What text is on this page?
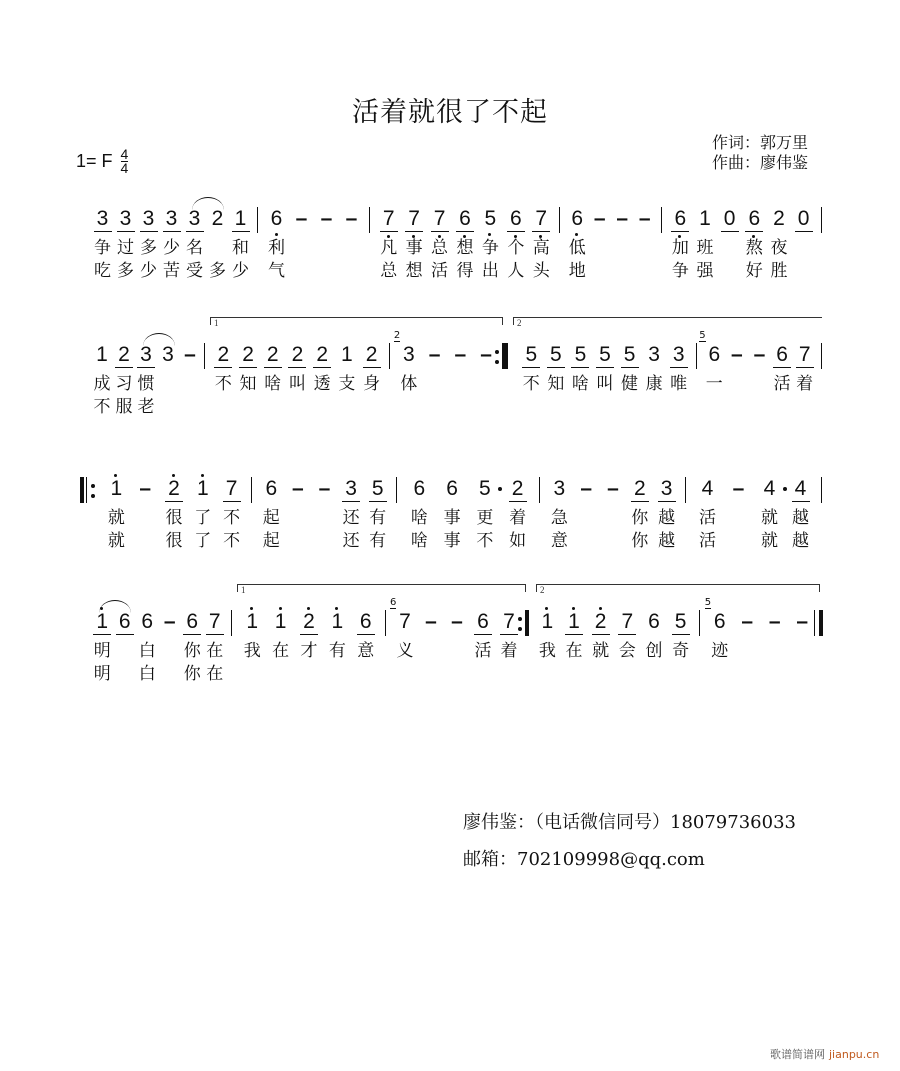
活着就很了不起
1= F $\frac{4}{4}$
作词：郭万里
作曲：廖伟鉴
3
争
吃
3
过
多
3
多
少
3
少
苦
3
名
受
2
多
1
和
少
6
利
气
– – – 7
凡
总
7
事
想
7
总
活
6
想
得
5
争
出
6
个
人
7
高
头
6
低
地
– – – 6
加
争
1
班
强
0 6
熬
好
2
夜
胜
0
1
成
不
2
习
服
3
惯
老
3 – 2
不
2
知
2
啥
2
叫
2
透
1
支
2
身
3
2
体
– – – 5
不
5
知
5
啥
5
叫
5
健
3
康
3
唯
6
5
一
– – 6
活
7
着
1	2
1
就
就
– 2
很
很
1
了
了
7
不
不
6
起
起
– – 3
还
还
5
有
有
6
啥
啥
6
事
事
5
更
不
2
着
如
3
急
意
– – 2
你
你
3
越
越
4
活
活
– 4
就
就
4
越
越
1
明
明
6 6
白
白
– 6
你
你
7
在
在
1
我
1
在
2
才
1
有
6
意
7
6
义
– – 6
活
7
着
1
我
1
在
2
就
7
会
6
创
5
奇
6
5
迹
– – –
1	2
廖伟鉴：（电话微信同号）18079736033
邮箱：702109998@qq.com
歌谱简谱网 jianpu.cn
